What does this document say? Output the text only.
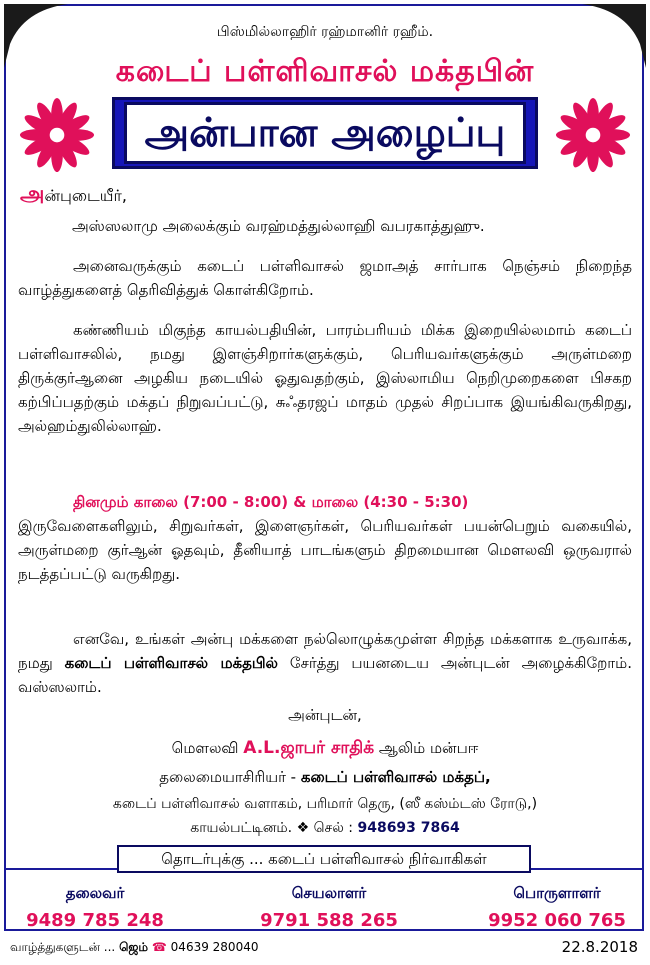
பிஸ்மில்லாஹிர் ரஹ்மானிர் ரஹீம்.
கடைப் பள்ளிவாசல் மக்தபின்
அன்பான அழைப்பு
அன்புடையீர்,
அஸ்ஸலாமு அலைக்கும் வரஹ்மத்துல்லாஹி வபரகாத்துஹு.
அனைவருக்கும் கடைப் பள்ளிவாசல் ஜமாஅத் சார்பாக நெஞ்சம் நிறைந்த வாழ்த்துகளைத் தெரிவித்துக் கொள்கிறோம்.
கண்ணியம் மிகுந்த காயல்பதியின், பாரம்பரியம் மிக்க இறையில்லமாம் கடைப் பள்ளிவாசலில், நமது இளஞ்சிறார்களுக்கும், பெரியவர்களுக்கும் அருள்மறை திருக்குர்ஆனை அழகிய நடையில் ஓதுவதற்கும், இஸ்லாமிய நெறிமுறைகளை பிசகற கற்பிப்பதற்கும் மக்தப் நிறுவப்பட்டு, சுஃதரஜப் மாதம் முதல் சிறப்பாக இயங்கிவருகிறது, அல்ஹம்துலில்லாஹ்.
தினமும் காலை (7:00 - 8:00) & மாலை (4:30 - 5:30)
இருவேளைகளிலும், சிறுவர்கள், இளைஞர்கள், பெரியவர்கள் பயன்பெறும் வகையில், அருள்மறை குர்ஆன் ஓதவும், தீனியாத் பாடங்களும் திறமையான மௌலவி ஒருவரால் நடத்தப்பட்டு வருகிறது.
எனவே, உங்கள் அன்பு மக்களை நல்லொழுக்கமுள்ள சிறந்த மக்களாக உருவாக்க, நமது கடைப் பள்ளிவாசல் மக்தபில் சேர்த்து பயனடைய அன்புடன் அழைக்கிறோம். வஸ்ஸலாம்.
அன்புடன்,
மௌலவி A.L.ஜாபர் சாதிக் ஆலிம் மன்பஈ
தலைமையாசிரியர் - கடைப் பள்ளிவாசல் மக்தப்,
கடைப் பள்ளிவாசல் வளாகம், பரிமார் தெரு, (ஸீ கஸ்ம்டஸ் ரோடு,)
காயல்பட்டினம். ❖ செல் : 948693 7864
தொடர்புக்கு ... கடைப் பள்ளிவாசல் நிர்வாகிகள்
தலைவர்
9489 785 248
செயலாளர்
9791 588 265
பொருளாளர்
9952 060 765
வாழ்த்துகளுடன் ... ஜெம் ☎ 04639 280040	22.8.2018
